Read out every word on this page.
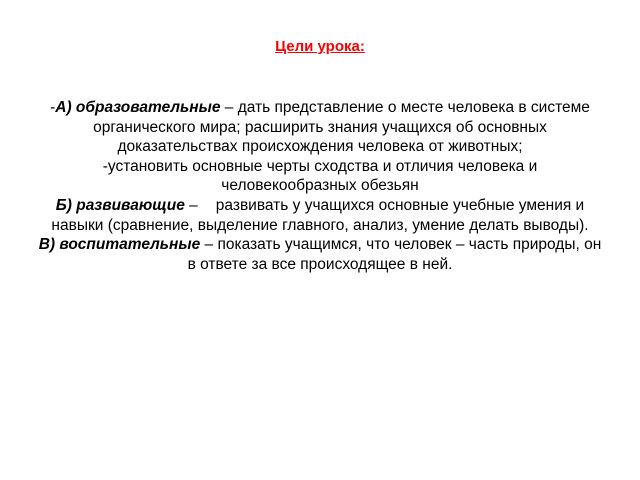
Цели урока:
-А) образовательные – дать представление о месте человека в системе органического мира; расширить знания учащихся об основных доказательствах происхождения человека от животных;
-установить основные черты сходства и отличия человека и человекообразных обезьян
Б) развивающие – развивать у учащихся основные учебные умения и навыки (сравнение, выделение главного, анализ, умение делать выводы).
В) воспитательные – показать учащимся, что человек – часть природы, он в ответе за все происходящее в ней.
